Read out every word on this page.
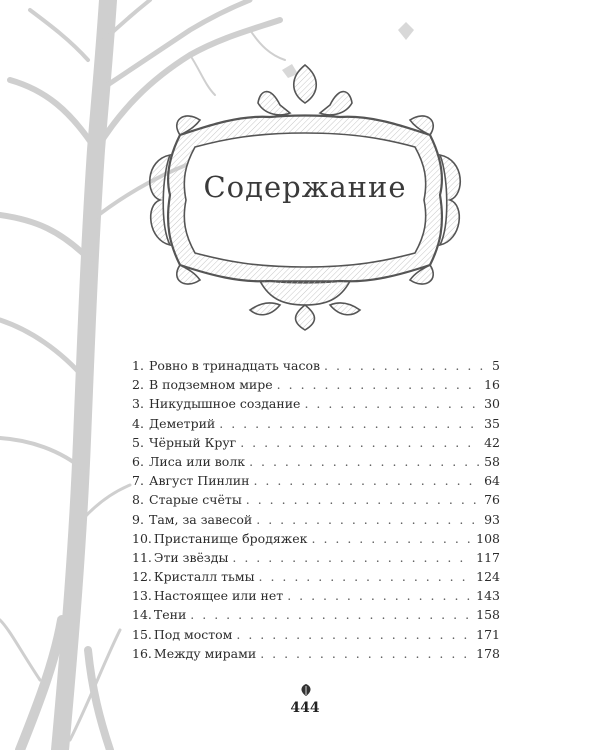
Содержание
1. Ровно в тринадцать часов . . .	5
2. В подземном мире . . .	16
3. Никудышное создание . . .	30
4. Деметрий . . .	35
5. Чёрный Круг . . .	42
6. Лиса или волк . . .	58
7. Август Пинлин . . .	64
8. Старые счёты . . .	76
9. Там, за завесой . . .	93
10. Пристанище бродяжек . . .	108
11. Эти звёзды . . .	117
12. Кристалл тьмы . . .	124
13. Настоящее или нет . . .	143
14. Тени . . .	158
15. Под мостом . . .	171
16. Между мирами . . .	178
444
